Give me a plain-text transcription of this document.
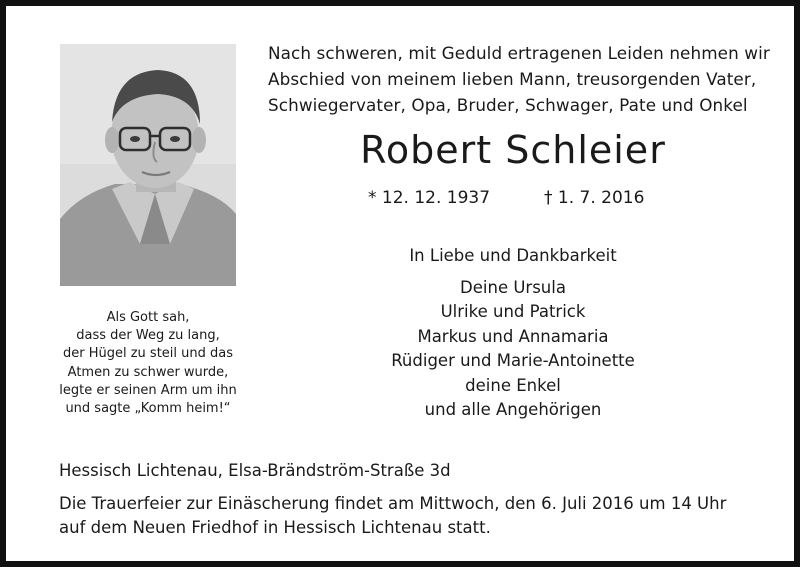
Als Gott sah,
dass der Weg zu lang,
der Hügel zu steil und das
Atmen zu schwer wurde,
legte er seinen Arm um ihn
und sagte „Komm heim!“
Nach schweren, mit Geduld ertragenen Leiden nehmen wir
Abschied von meinem lieben Mann, treusorgenden Vater,
Schwiegervater, Opa, Bruder, Schwager, Pate und Onkel
Robert Schleier
* 12. 12. 1937	† 1. 7. 2016
In Liebe und Dankbarkeit
Deine Ursula
Ulrike und Patrick
Markus und Annamaria
Rüdiger und Marie-Antoinette
deine Enkel
und alle Angehörigen
Hessisch Lichtenau, Elsa-Brändström-Straße 3d
Die Trauerfeier zur Einäscherung findet am Mittwoch, den 6. Juli 2016 um 14 Uhr
auf dem Neuen Friedhof in Hessisch Lichtenau statt.
